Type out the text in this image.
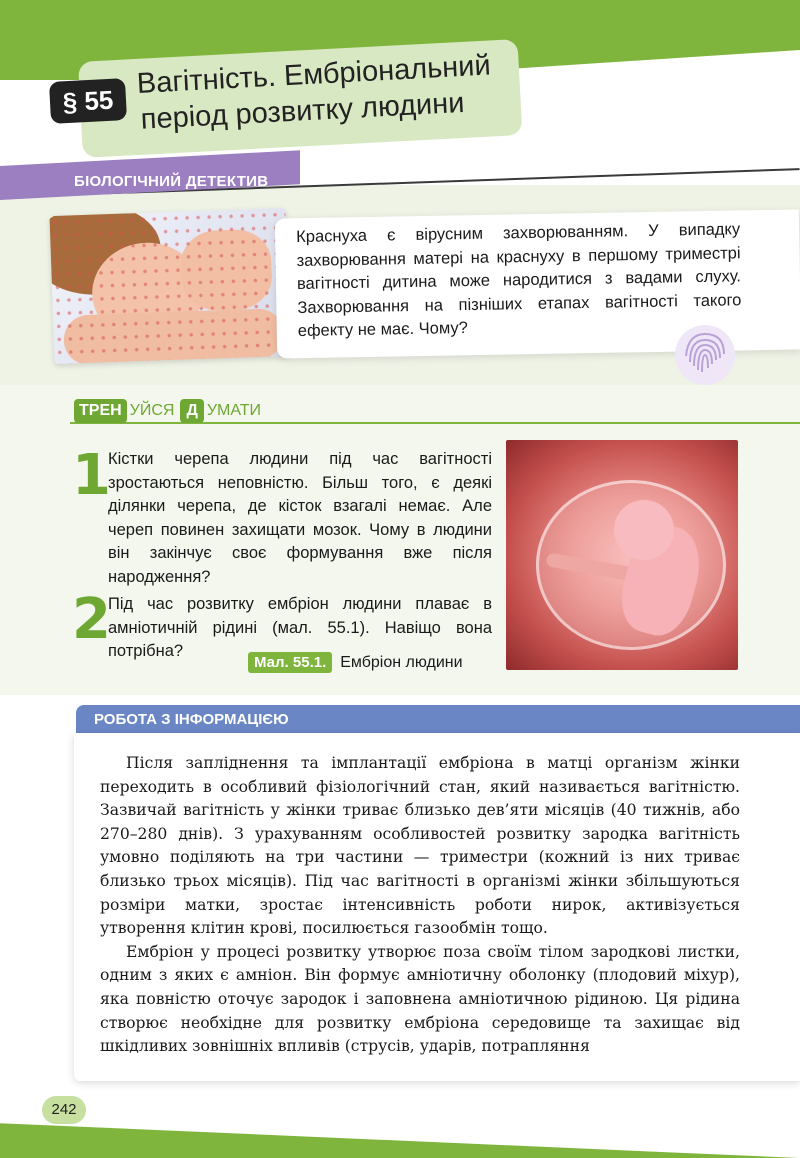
§ 55
Вагітність. Ембріональний
період розвитку людини
БІОЛОГІЧНИЙ ДЕТЕКТИВ
Краснуха є вірусним захворюванням. У випадку захворювання матері на краснуху в першому триместрі вагітності дитина може народитися з вадами слуху. Захворювання на пізніших етапах вагітності такого ефекту не має. Чому?
ТРЕН УЙСЯ Д УМАТИ
1
Кістки черепа людини під час вагітності зростаються неповністю. Більш того, є деякі ділянки черепа, де кісток взагалі немає. Але череп повинен захищати мозок. Чому в людини він закінчує своє формування вже після народження?
2
Під час розвитку ембріон людини плаває в амніотичній рідині (мал. 55.1). Навіщо вона потрібна?
Мал. 55.1. Ембріон людини
РОБОТА З ІНФОРМАЦІЄЮ

Після запліднення та імплантації ембріона в матці організм жінки переходить в особливий фізіологічний стан, який називається вагітністю. Зазвичай вагітність у жінки триває близько дев’яти місяців (40 тижнів, або 270–280 днів). З урахуванням особливостей розвитку зародка вагітність умовно поділяють на три частини — триместри (кожний із них триває близько трьох місяців). Під час вагітності в організмі жінки збільшуються розміри матки, зростає інтенсивність роботи нирок, активізується утворення клітин крові, посилюється газообмін тощо.

Ембріон у процесі розвитку утворює поза своїм тілом зародкові листки, одним з яких є амніон. Він формує амніотичну оболонку (плодовий міхур), яка повністю оточує зародок і заповнена амніотичною рідиною. Ця рідина створює необхідне для розвитку ембріона середовище та захищає від шкідливих зовнішніх впливів (струсів, ударів, потрапляння

242
